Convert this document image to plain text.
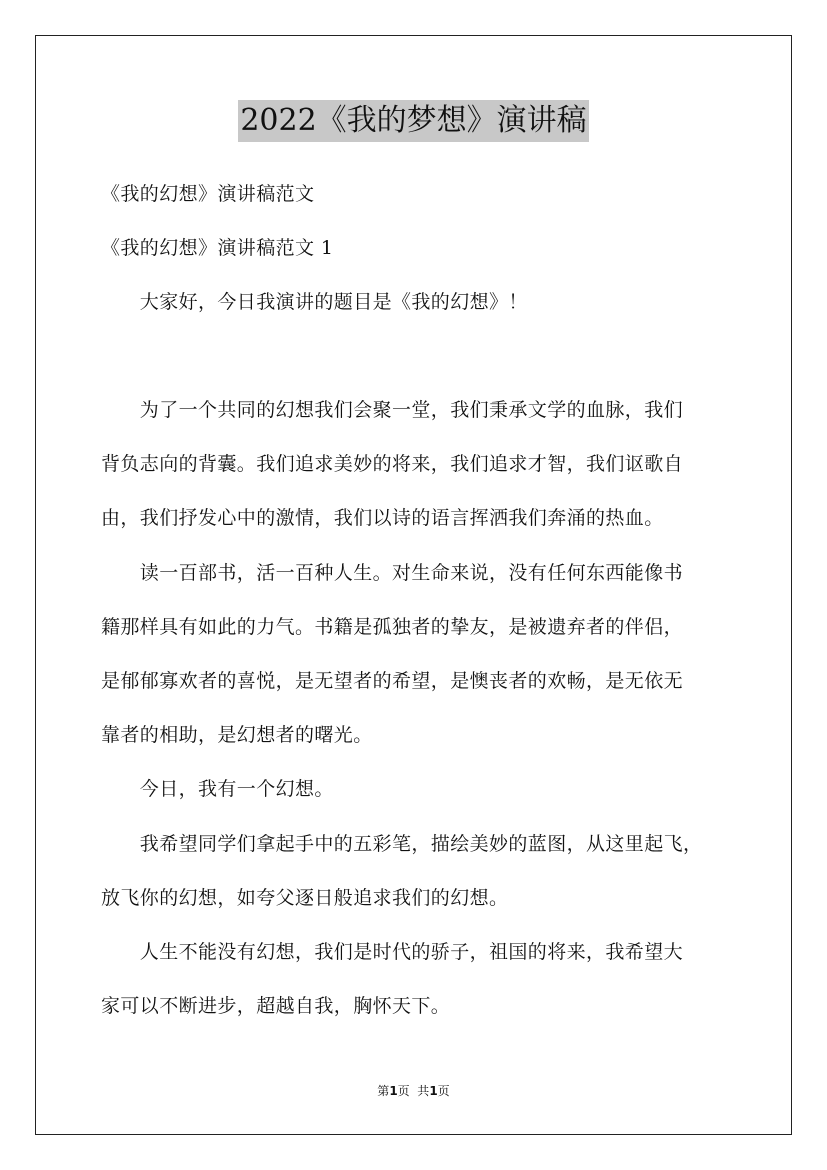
2022《我的梦想》演讲稿
《我的幻想》演讲稿范文
《我的幻想》演讲稿范文 1
　　大家好，今日我演讲的题目是《我的幻想》！
　　为了一个共同的幻想我们会聚一堂，我们秉承文学的血脉，我们
背负志向的背囊。我们追求美妙的将来，我们追求才智，我们讴歌自
由，我们抒发心中的激情，我们以诗的语言挥洒我们奔涌的热血。
　　读一百部书，活一百种人生。对生命来说，没有任何东西能像书
籍那样具有如此的力气。书籍是孤独者的挚友，是被遗弃者的伴侣，
是郁郁寡欢者的喜悦，是无望者的希望，是懊丧者的欢畅，是无依无
靠者的相助，是幻想者的曙光。
　　今日，我有一个幻想。
　　我希望同学们拿起手中的五彩笔，描绘美妙的蓝图，从这里起飞，
放飞你的幻想，如夸父逐日般追求我们的幻想。
　　人生不能没有幻想，我们是时代的骄子，祖国的将来，我希望大
家可以不断进步，超越自我，胸怀天下。
第1页  共1页
